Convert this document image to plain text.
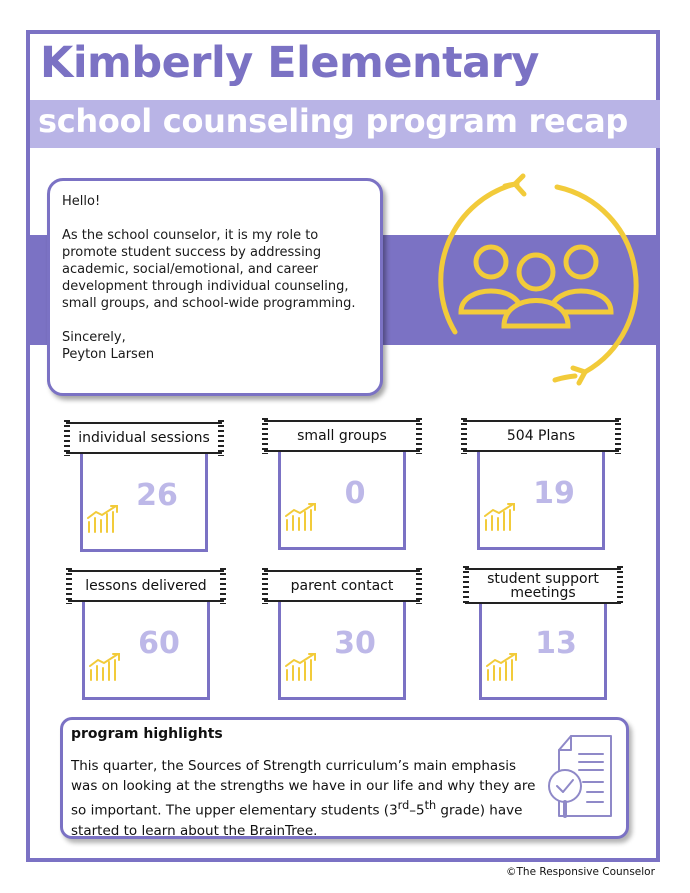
Kimberly Elementary
school counseling program recap

Hello!

As the school counselor, it is my role to promote student success by addressing academic, social/emotional, and career development through individual counseling, small groups, and school-wide programming.

Sincerely,
Peyton Larsen

individual sessions
26
small groups
0
504 Plans
19
lessons delivered
60
parent contact
30
student support meetings
13
program highlights
This quarter, the Sources of Strength curriculum’s main emphasis was on looking at the strengths we have in our life and why they are so important. The upper elementary students (3rd–5th grade) have started to learn about the BrainTree.
©The Responsive Counselor
